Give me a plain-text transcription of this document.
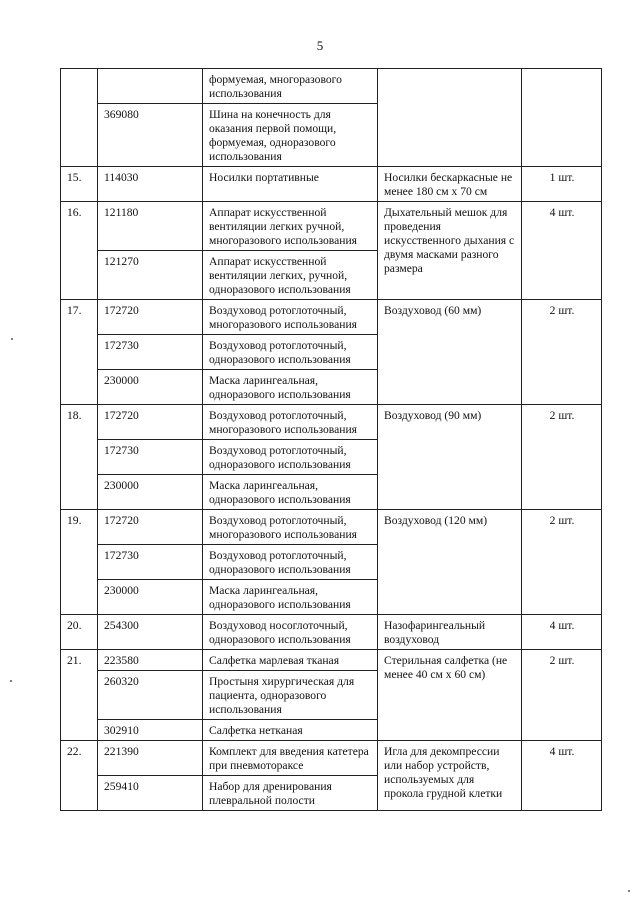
5
		формуемая, многоразового использования		
	369080	Шина на конечность для оказания первой помощи, формуемая, одноразового использования		
15.	114030	Носилки портативные	Носилки бескаркасные не менее 180 см х 70 см	1 шт.
16.	121180	Аппарат искусственной вентиляции легких ручной, многоразового использования	Дыхательный мешок для проведения искусственного дыхания с двумя масками разного размера	4 шт.
	121270	Аппарат искусственной вентиляции легких, ручной, одноразового использования		
17.	172720	Воздуховод ротоглоточный, многоразового использования	Воздуховод (60 мм)	2 шт.
	172730	Воздуховод ротоглоточный, одноразового использования		
	230000	Маска ларингеальная, одноразового использования		
18.	172720	Воздуховод ротоглоточный, многоразового использования	Воздуховод (90 мм)	2 шт.
	172730	Воздуховод ротоглоточный, одноразового использования		
	230000	Маска ларингеальная, одноразового использования		
19.	172720	Воздуховод ротоглоточный, многоразового использования	Воздуховод (120 мм)	2 шт.
	172730	Воздуховод ротоглоточный, одноразового использования		
	230000	Маска ларингеальная, одноразового использования		
20.	254300	Воздуховод носоглоточный, одноразового использования	Назофарингеальный воздуховод	4 шт.
21.	223580	Салфетка марлевая тканая	Стерильная салфетка (не менее 40 см х 60 см)	2 шт.
	260320	Простыня хирургическая для пациента, одноразового использования		
	302910	Салфетка нетканая		
22.	221390	Комплект для введения катетера при пневмотораксе	Игла для декомпрессии или набор устройств, используемых для прокола грудной клетки	4 шт.
	259410	Набор для дренирования плевральной полости		
